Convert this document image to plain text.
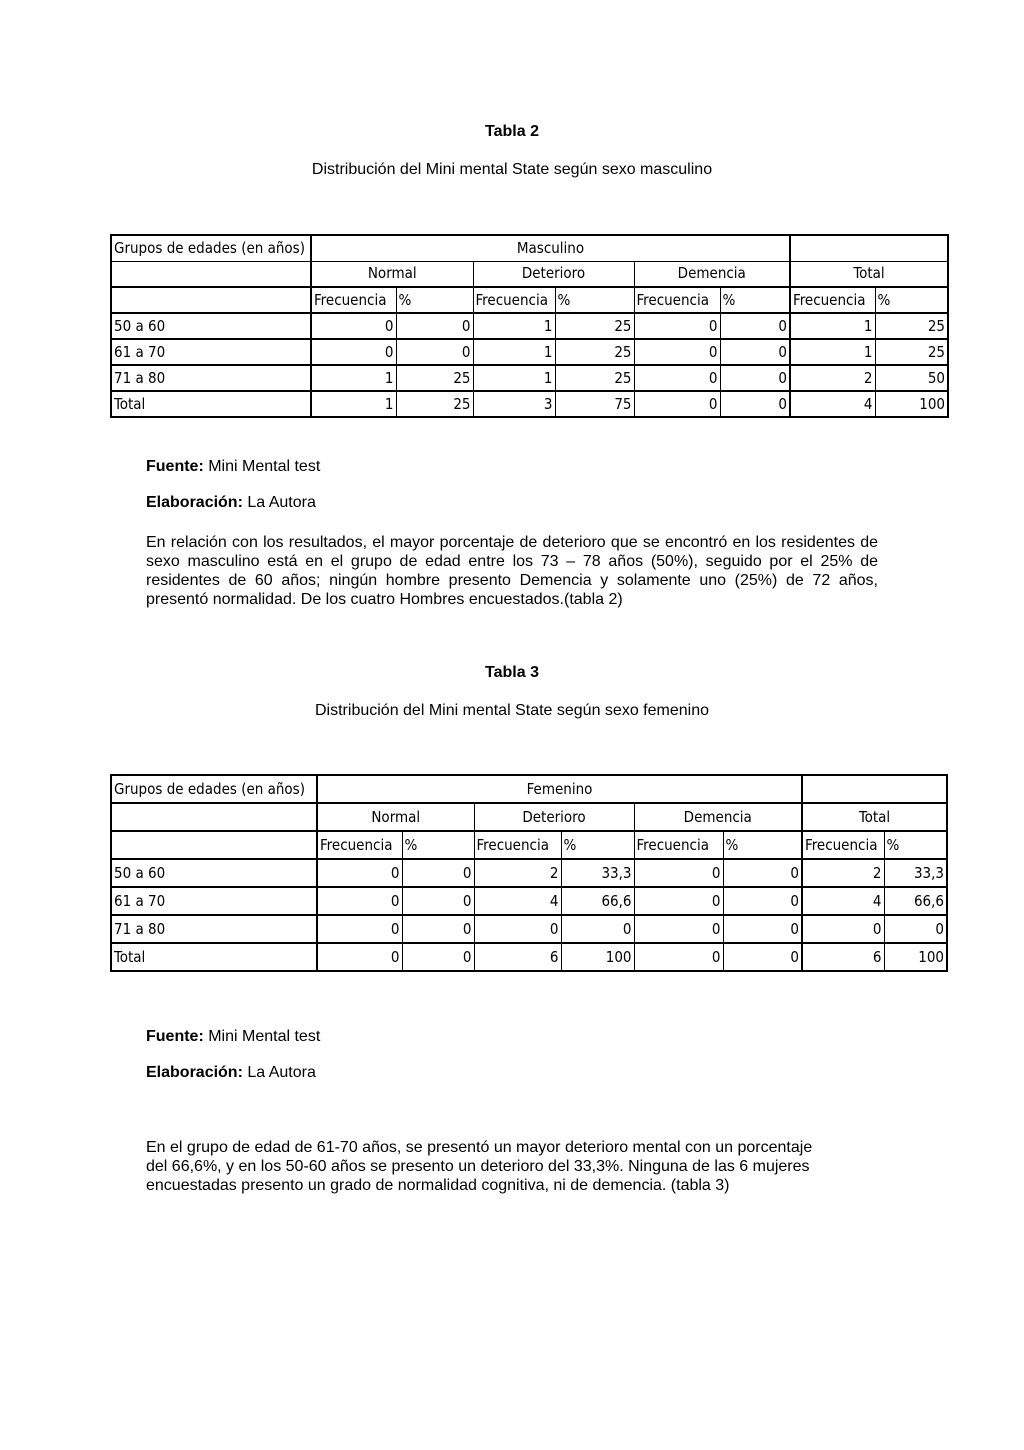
Tabla 2
Distribución del Mini mental State según sexo masculino
Grupos de edades (en años)	Masculino							
	Normal		Deterioro		Demencia		Total	
	Frecuencia	%	Frecuencia	%	Frecuencia	%	Frecuencia	%
50 a 60	0	0	1	25	0	0	1	25
61 a 70	0	0	1	25	0	0	1	25
71 a 80	1	25	1	25	0	0	2	50
Total	1	25	3	75	0	0	4	100
Fuente: Mini Mental test
Elaboración: La Autora
En relación con los resultados, el mayor porcentaje de deterioro que se encontró en los residentes de sexo masculino está en el grupo de edad entre los 73 – 78 años (50%), seguido por el 25% de residentes de 60 años; ningún hombre presento Demencia y solamente uno (25%) de 72 años, presentó normalidad. De los cuatro Hombres encuestados.(tabla 2)
Tabla 3
Distribución del Mini mental State según sexo femenino
Grupos de edades (en años)	Femenino							
	Normal		Deterioro		Demencia		Total	
	Frecuencia	%	Frecuencia	%	Frecuencia	%	Frecuencia	%
50 a 60	0	0	2	33,3	0	0	2	33,3
61 a 70	0	0	4	66,6	0	0	4	66,6
71 a 80	0	0	0	0	0	0	0	0
Total	0	0	6	100	0	0	6	100
Fuente: Mini Mental test
Elaboración: La Autora
En el grupo de edad de 61-70 años, se presentó un mayor deterioro mental con un porcentaje
del 66,6%, y en los 50-60 años se presento un deterioro del 33,3%. Ninguna de las 6 mujeres
encuestadas presento un grado de normalidad cognitiva, ni de demencia. (tabla 3)
